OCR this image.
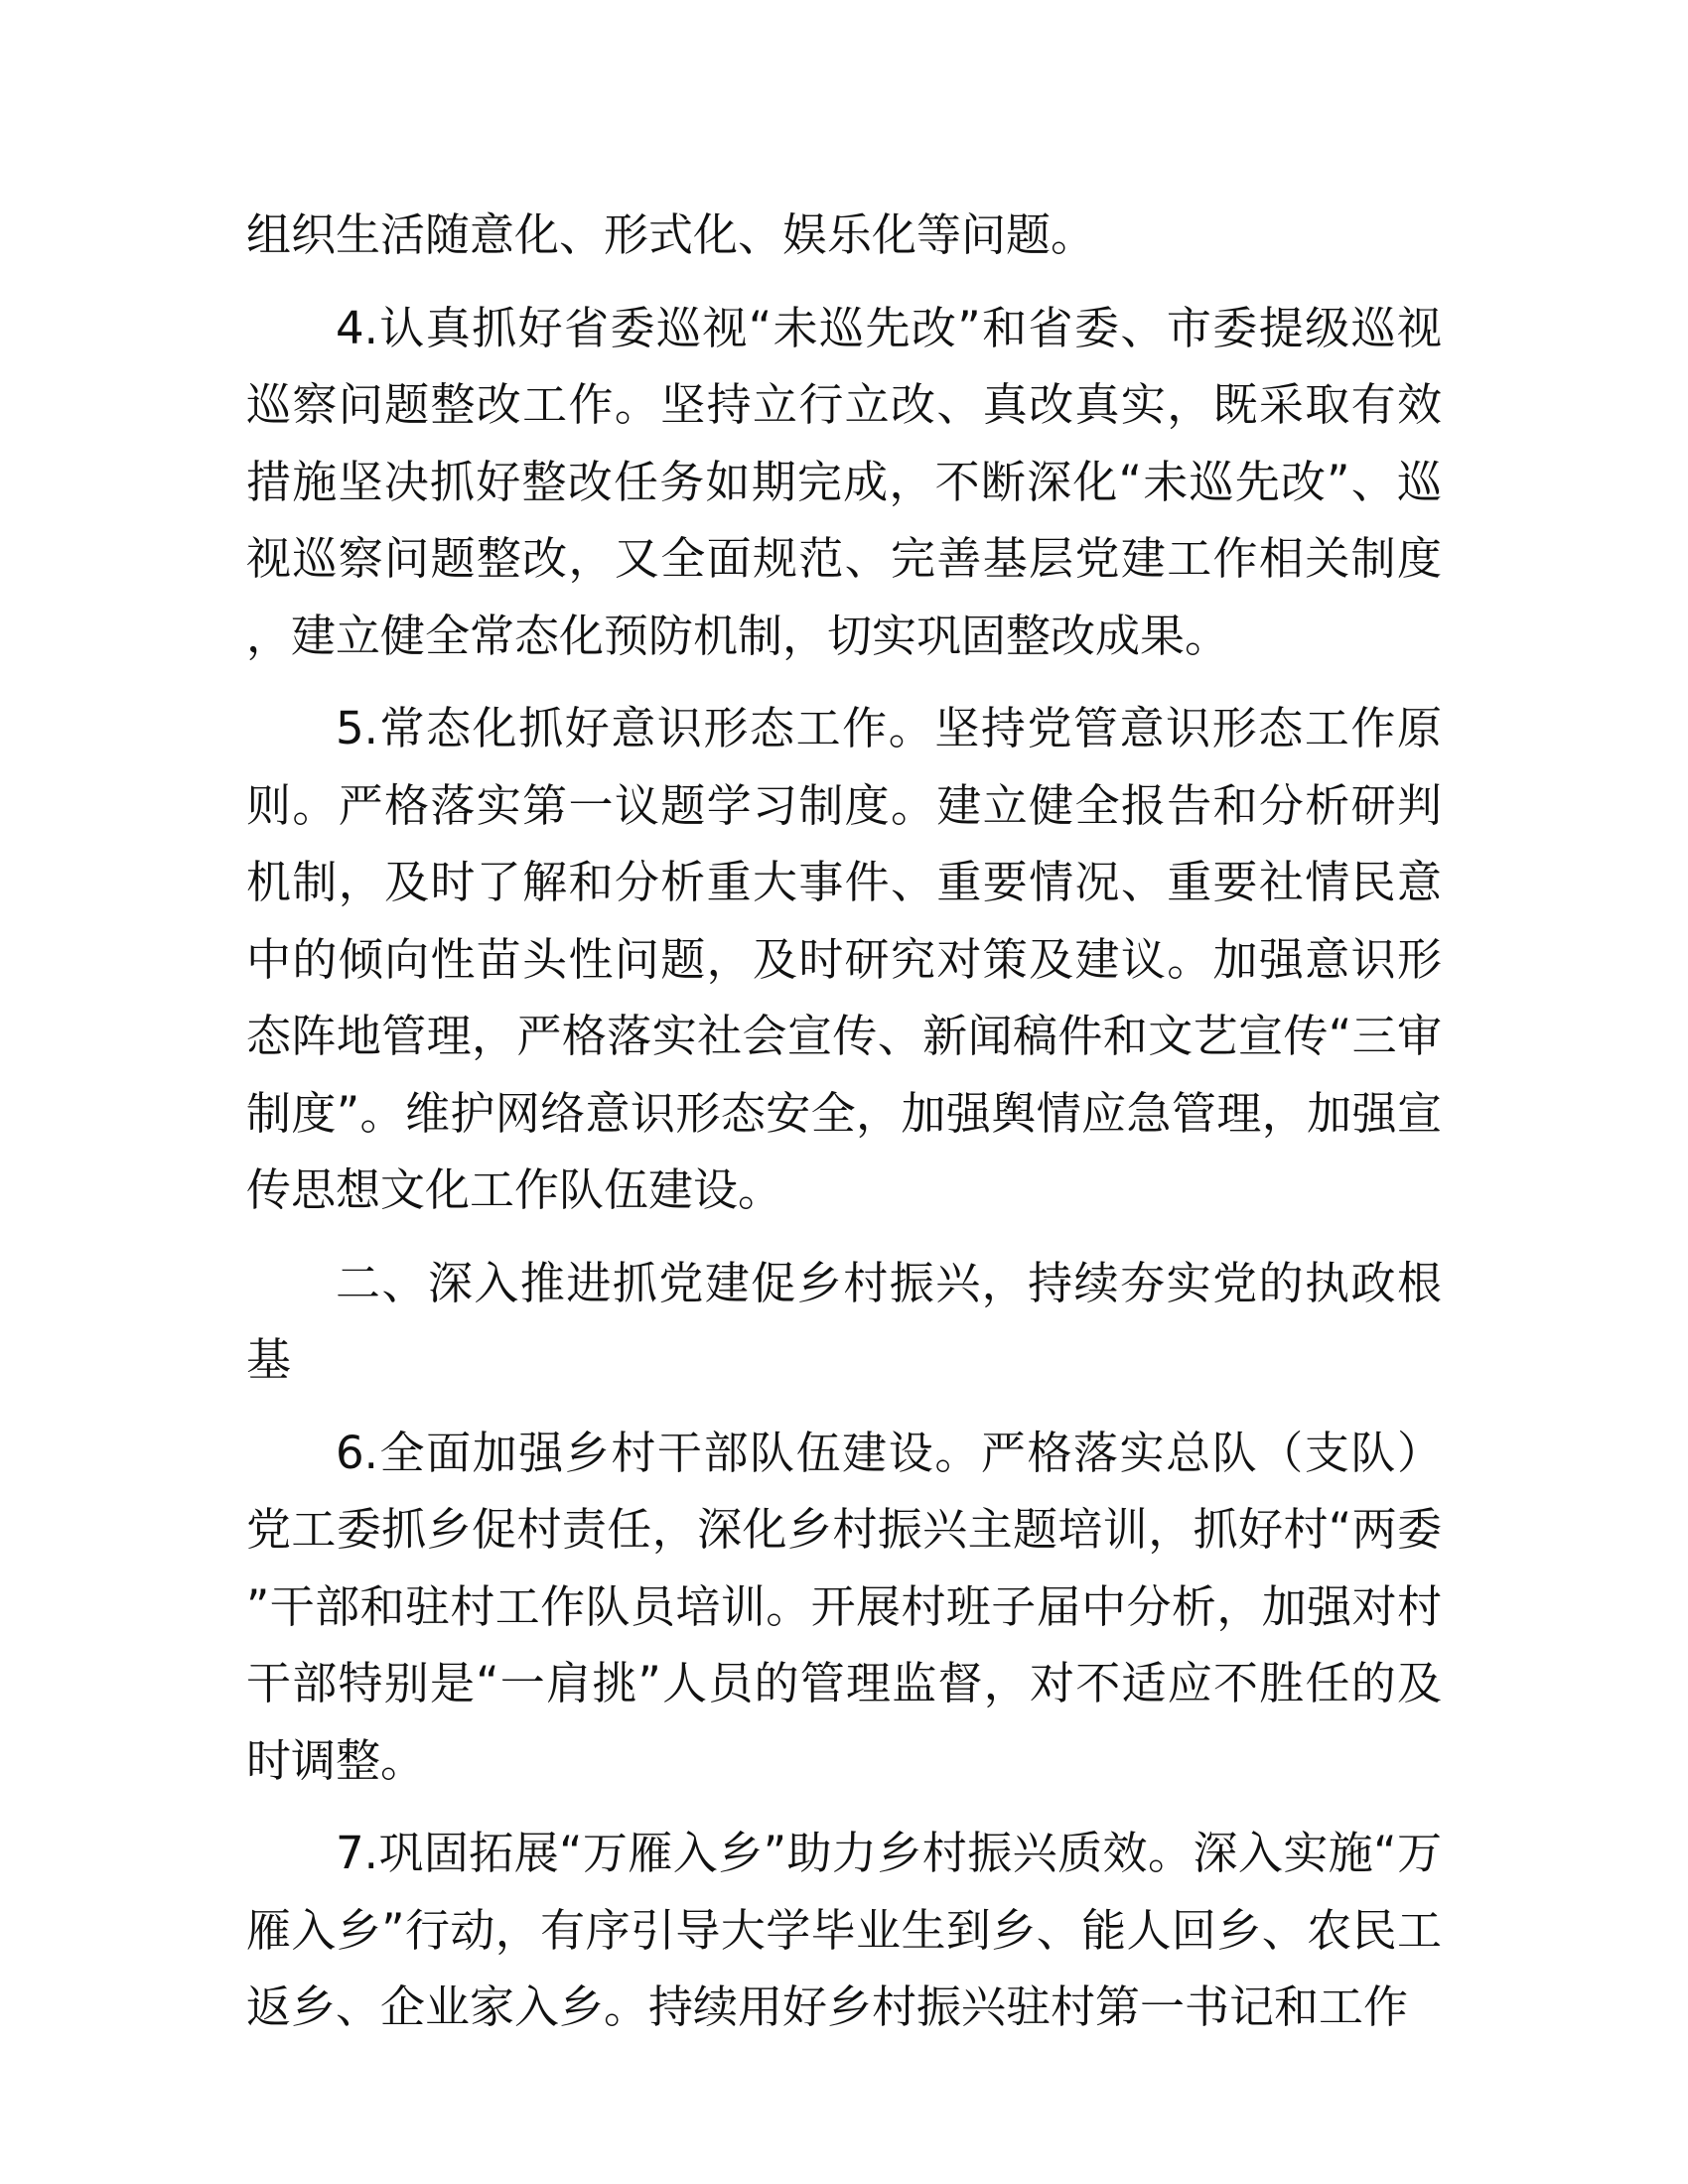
组织生活随意化、形式化、娱乐化等问题。

4.认真抓好省委巡视“未巡先改”和省委、市委提级巡视巡察问题整改工作。坚持立行立改、真改真实，既采取有效措施坚决抓好整改任务如期完成，不断深化“未巡先改”、巡视巡察问题整改，又全面规范、完善基层党建工作相关制度，建立健全常态化预防机制，切实巩固整改成果。

5.常态化抓好意识形态工作。坚持党管意识形态工作原则。严格落实第一议题学习制度。建立健全报告和分析研判机制，及时了解和分析重大事件、重要情况、重要社情民意中的倾向性苗头性问题，及时研究对策及建议。加强意识形态阵地管理，严格落实社会宣传、新闻稿件和文艺宣传“三审制度”。维护网络意识形态安全，加强舆情应急管理，加强宣传思想文化工作队伍建设。

二、深入推进抓党建促乡村振兴，持续夯实党的执政根基

6.全面加强乡村干部队伍建设。严格落实总队（支队）党工委抓乡促村责任，深化乡村振兴主题培训，抓好村“两委”干部和驻村工作队员培训。开展村班子届中分析，加强对村干部特别是“一肩挑”人员的管理监督，对不适应不胜任的及时调整。

7.巩固拓展“万雁入乡”助力乡村振兴质效。深入实施“万雁入乡”行动，有序引导大学毕业生到乡、能人回乡、农民工返乡、企业家入乡。持续用好乡村振兴驻村第一书记和工作
